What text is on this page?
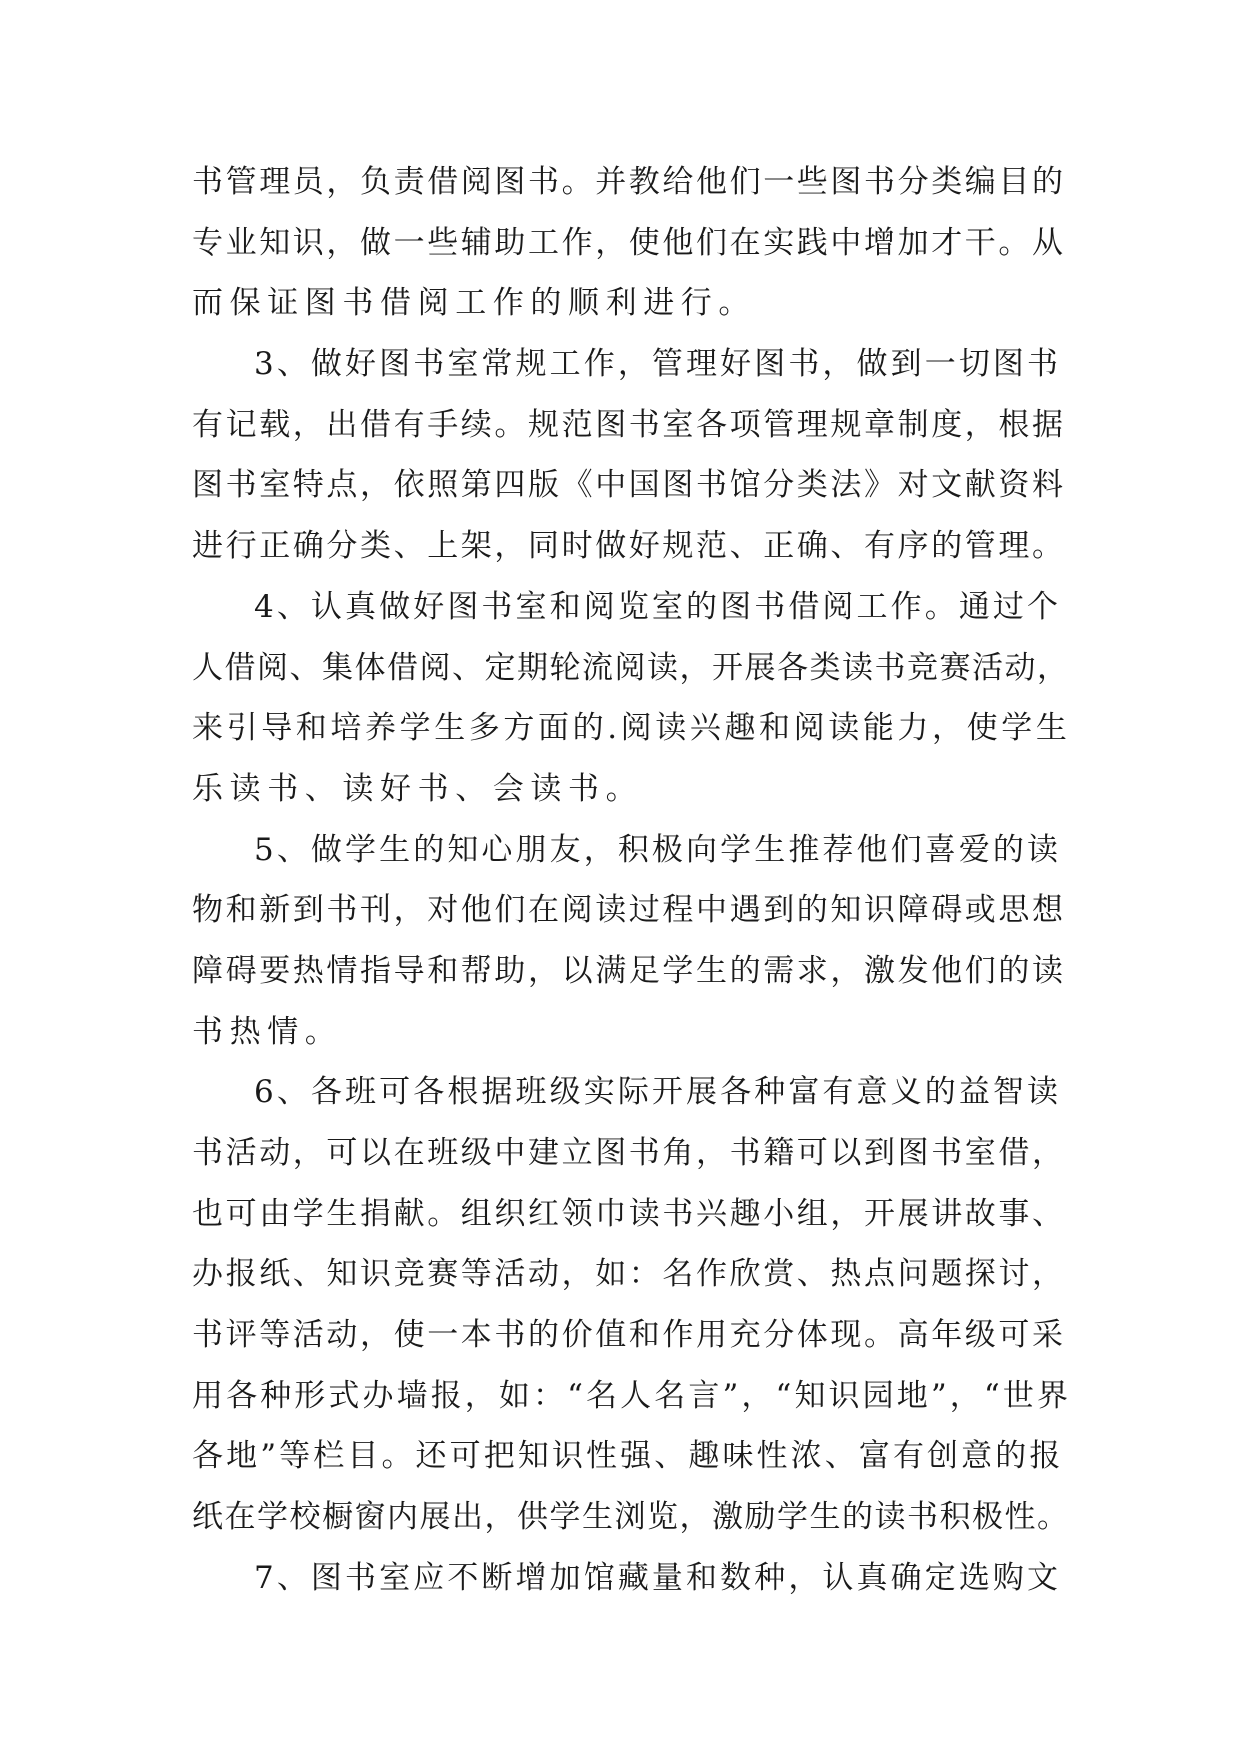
书管理员，负责借阅图书。并教给他们一些图书分类编目的
专业知识，做一些辅助工作，使他们在实践中增加才干。从
而保证图书借阅工作的顺利进行。
3、做好图书室常规工作，管理好图书，做到一切图书
有记载，出借有手续。规范图书室各项管理规章制度，根据
图书室特点，依照第四版《中国图书馆分类法》对文献资料
进行正确分类、上架，同时做好规范、正确、有序的管理。
4、认真做好图书室和阅览室的图书借阅工作。通过个
人借阅、集体借阅、定期轮流阅读，开展各类读书竞赛活动，
来引导和培养学生多方面的.阅读兴趣和阅读能力，使学生
乐读书、读好书、会读书。
5、做学生的知心朋友，积极向学生推荐他们喜爱的读
物和新到书刊，对他们在阅读过程中遇到的知识障碍或思想
障碍要热情指导和帮助，以满足学生的需求，激发他们的读
书热情。
6、各班可各根据班级实际开展各种富有意义的益智读
书活动，可以在班级中建立图书角，书籍可以到图书室借，
也可由学生捐献。组织红领巾读书兴趣小组，开展讲故事、
办报纸、知识竞赛等活动，如：名作欣赏、热点问题探讨，
书评等活动，使一本书的价值和作用充分体现。高年级可采
用各种形式办墙报，如：“名人名言”，“知识园地”，“世界
各地”等栏目。还可把知识性强、趣味性浓、富有创意的报
纸在学校橱窗内展出，供学生浏览，激励学生的读书积极性。
7、图书室应不断增加馆藏量和数种，认真确定选购文
